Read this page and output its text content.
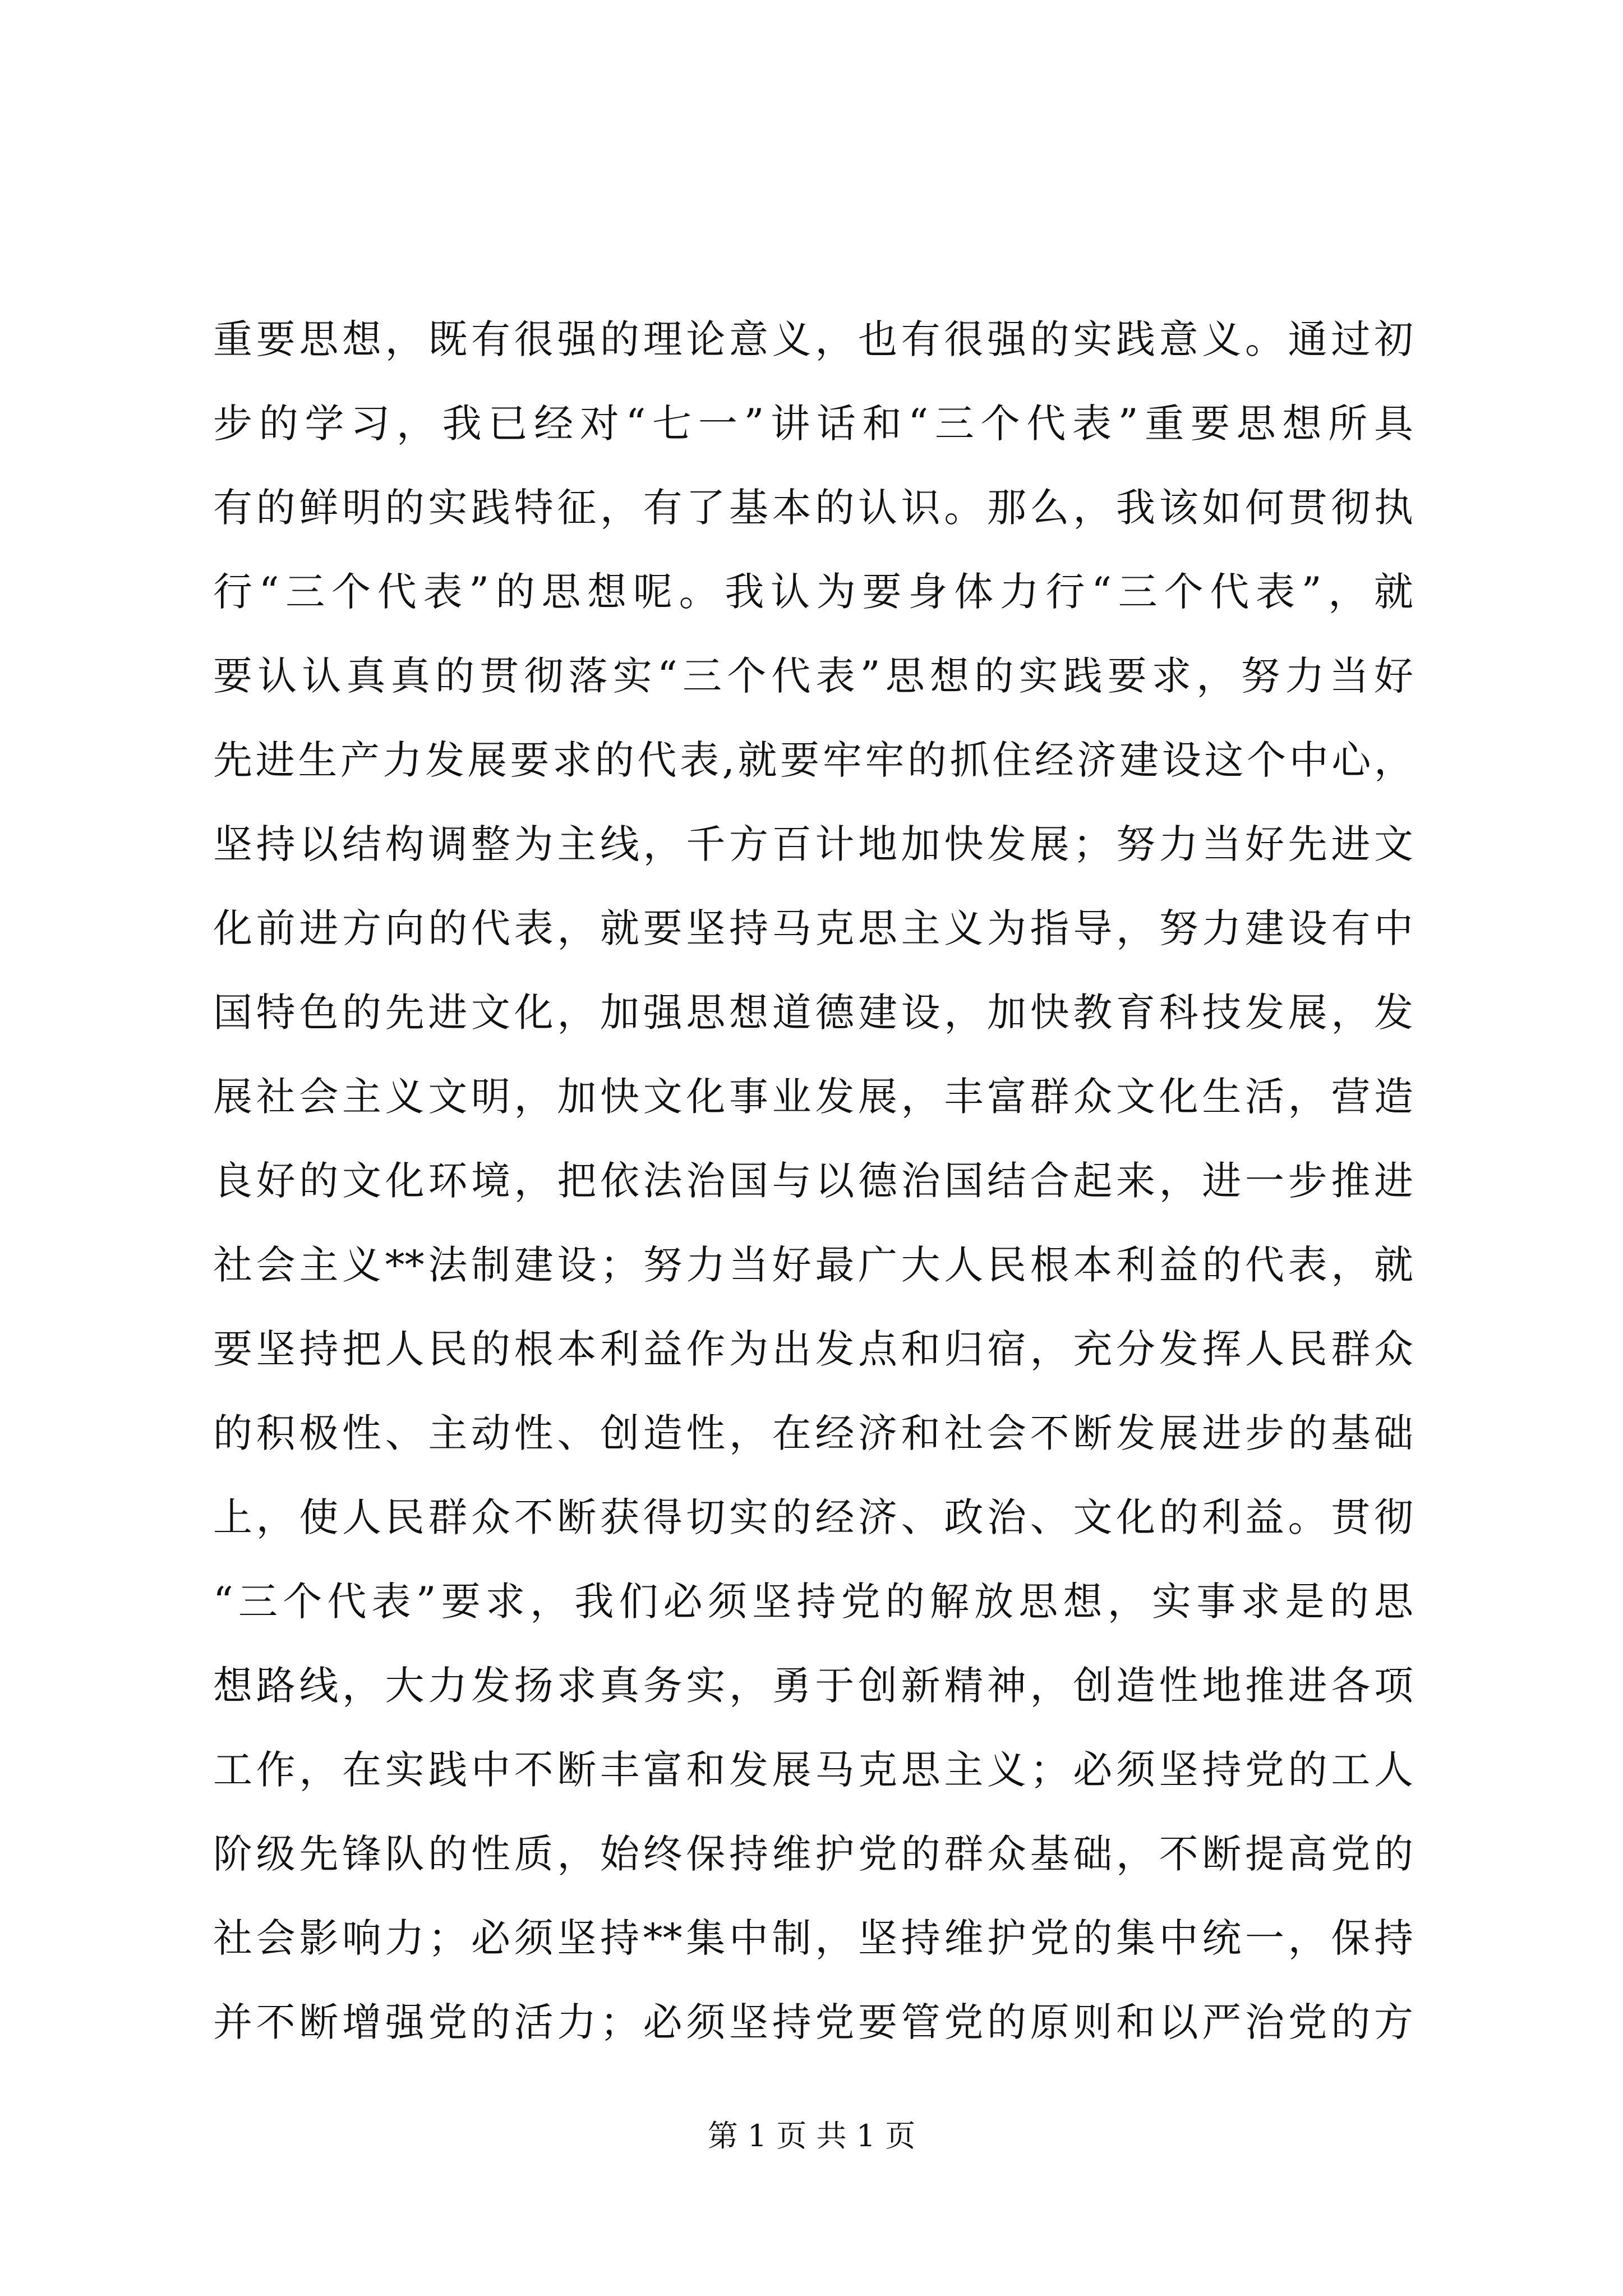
重要思想，既有很强的理论意义，也有很强的实践意义。通过初
步的学习，我已经对“七一”讲话和“三个代表”重要思想所具
有的鲜明的实践特征，有了基本的认识。那么，我该如何贯彻执
行“三个代表”的思想呢。我认为要身体力行“三个代表”，就
要认认真真的贯彻落实“三个代表”思想的实践要求，努力当好
先进生产力发展要求的代表,就要牢牢的抓住经济建设这个中心，
坚持以结构调整为主线，千方百计地加快发展；努力当好先进文
化前进方向的代表，就要坚持马克思主义为指导，努力建设有中
国特色的先进文化，加强思想道德建设，加快教育科技发展，发
展社会主义文明，加快文化事业发展，丰富群众文化生活，营造
良好的文化环境，把依法治国与以德治国结合起来，进一步推进
社会主义**法制建设；努力当好最广大人民根本利益的代表，就
要坚持把人民的根本利益作为出发点和归宿，充分发挥人民群众
的积极性、主动性、创造性，在经济和社会不断发展进步的基础
上，使人民群众不断获得切实的经济、政治、文化的利益。贯彻
“三个代表”要求，我们必须坚持党的解放思想，实事求是的思
想路线，大力发扬求真务实，勇于创新精神，创造性地推进各项
工作，在实践中不断丰富和发展马克思主义；必须坚持党的工人
阶级先锋队的性质，始终保持维护党的群众基础，不断提高党的
社会影响力；必须坚持**集中制，坚持维护党的集中统一，保持
并不断增强党的活力；必须坚持党要管党的原则和以严治党的方
第 1 页 共 1 页
